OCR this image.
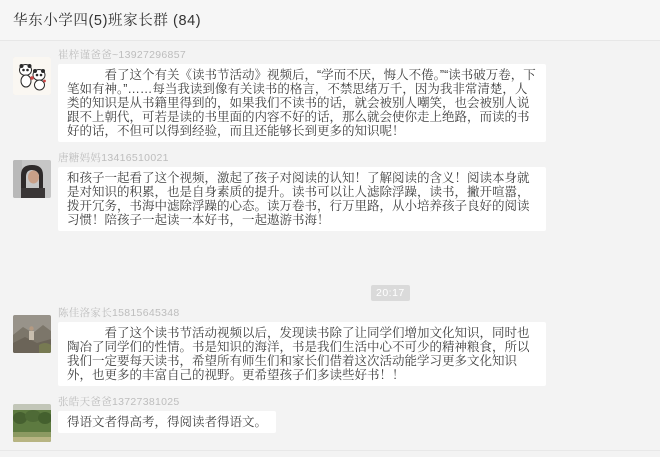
华东小学四(5)班家长群 (84)
崔梓谨爸爸~13927296857
　　　看了这个有关《读书节活动》视频后，“学而不厌，悔人不倦。”“读书破万卷，下笔如有神。”……每当我读到像有关读书的格言，不禁思绪万千，因为我非常清楚，人类的知识是从书籍里得到的，如果我们不读书的话，就会被别人嘲笑，也会被别人说跟不上朝代，可若是读的书里面的内容不好的话，那么就会使你走上绝路，而读的书好的话，不但可以得到经验，而且还能够长到更多的知识呢！
唐糖妈妈13416510021
和孩子一起看了这个视频，激起了孩子对阅读的认知！了解阅读的含义！阅读本身就是对知识的积累，也是自身素质的提升。读书可以让人滤除浮躁，读书，撇开喧嚣，拨开冗务，书海中滤除浮躁的心态。读万卷书，行万里路，从小培养孩子良好的阅读习惯！陪孩子一起读一本好书，一起遨游书海！
20:17
陈佳洛家长15815645348
　　　看了这个读书节活动视频以后，发现读书除了让同学们增加文化知识，同时也陶冶了同学们的性情。书是知识的海洋，书是我们生活中心不可少的精神粮食，所以我们一定要每天读书，希望所有师生们和家长们借着这次活动能学习更多文化知识外，也更多的丰富自己的视野。更希望孩子们多读些好书！！
张皓天爸爸13727381025
得语文者得高考，得阅读者得语文。
